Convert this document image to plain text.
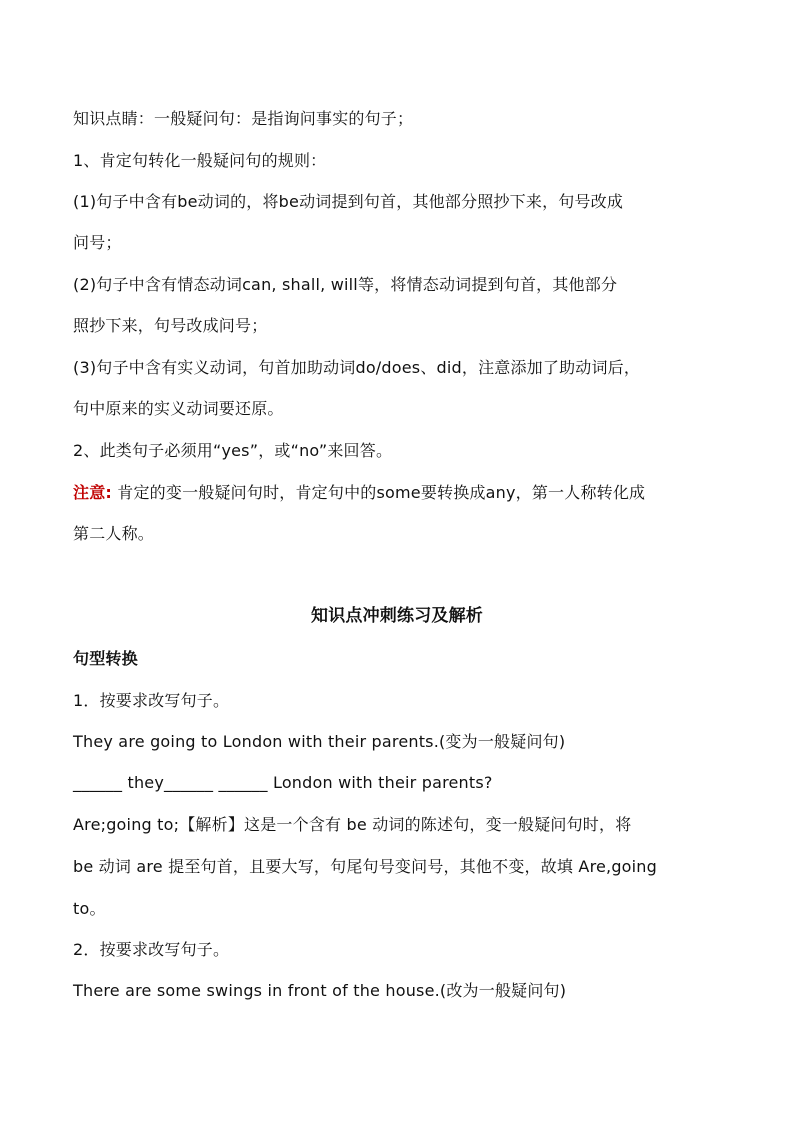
知识点睛：一般疑问句：是指询问事实的句子；
1、肯定句转化一般疑问句的规则：
(1)句子中含有be动词的，将be动词提到句首，其他部分照抄下来，句号改成
问号；
(2)句子中含有情态动词can, shall, will等，将情态动词提到句首，其他部分
照抄下来，句号改成问号；
(3)句子中含有实义动词，句首加助动词do/does、did，注意添加了助动词后，
句中原来的实义动词要还原。
2、此类句子必须用“yes”，或“no”来回答。
注意: 肯定的变一般疑问句时，肯定句中的some要转换成any，第一人称转化成
第二人称。
知识点冲刺练习及解析
句型转换
1．按要求改写句子。
They are going to London with their parents.(变为一般疑问句)
______ they______ ______ London with their parents?
Are;going to;【解析】这是一个含有 be 动词的陈述句，变一般疑问句时，将
be 动词 are 提至句首，且要大写，句尾句号变问号，其他不变，故填 Are,going
to。
2．按要求改写句子。
There are some swings in front of the house.(改为一般疑问句)
